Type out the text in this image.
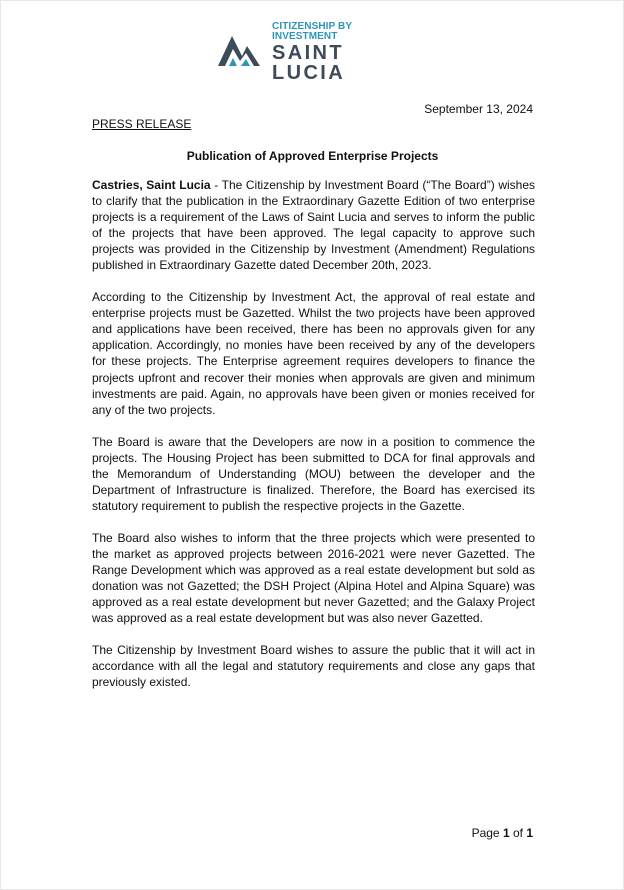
CITIZENSHIP BY INVESTMENT
SAINT LUCIA
September 13, 2024
PRESS RELEASE
Publication of Approved Enterprise Projects

Castries, Saint Lucia - The Citizenship by Investment Board (“The Board”) wishes to clarify that the publication in the Extraordinary Gazette Edition of two enterprise projects is a requirement of the Laws of Saint Lucia and serves to inform the public of the projects that have been approved. The legal capacity to approve such projects was provided in the Citizenship by Investment (Amendment) Regulations published in Extraordinary Gazette dated December 20th, 2023.

According to the Citizenship by Investment Act, the approval of real estate and enterprise projects must be Gazetted. Whilst the two projects have been approved and applications have been received, there has been no approvals given for any application. Accordingly, no monies have been received by any of the developers for these projects. The Enterprise agreement requires developers to finance the projects upfront and recover their monies when approvals are given and minimum investments are paid. Again, no approvals have been given or monies received for any of the two projects.

The Board is aware that the Developers are now in a position to commence the projects. The Housing Project has been submitted to DCA for final approvals and the Memorandum of Understanding (MOU) between the developer and the Department of Infrastructure is finalized. Therefore, the Board has exercised its statutory requirement to publish the respective projects in the Gazette.

The Board also wishes to inform that the three projects which were presented to the market as approved projects between 2016-2021 were never Gazetted. The Range Development which was approved as a real estate development but sold as donation was not Gazetted; the DSH Project (Alpina Hotel and Alpina Square) was approved as a real estate development but never Gazetted; and the Galaxy Project was approved as a real estate development but was also never Gazetted.

The Citizenship by Investment Board wishes to assure the public that it will act in accordance with all the legal and statutory requirements and close any gaps that previously existed.

Page 1 of 1
